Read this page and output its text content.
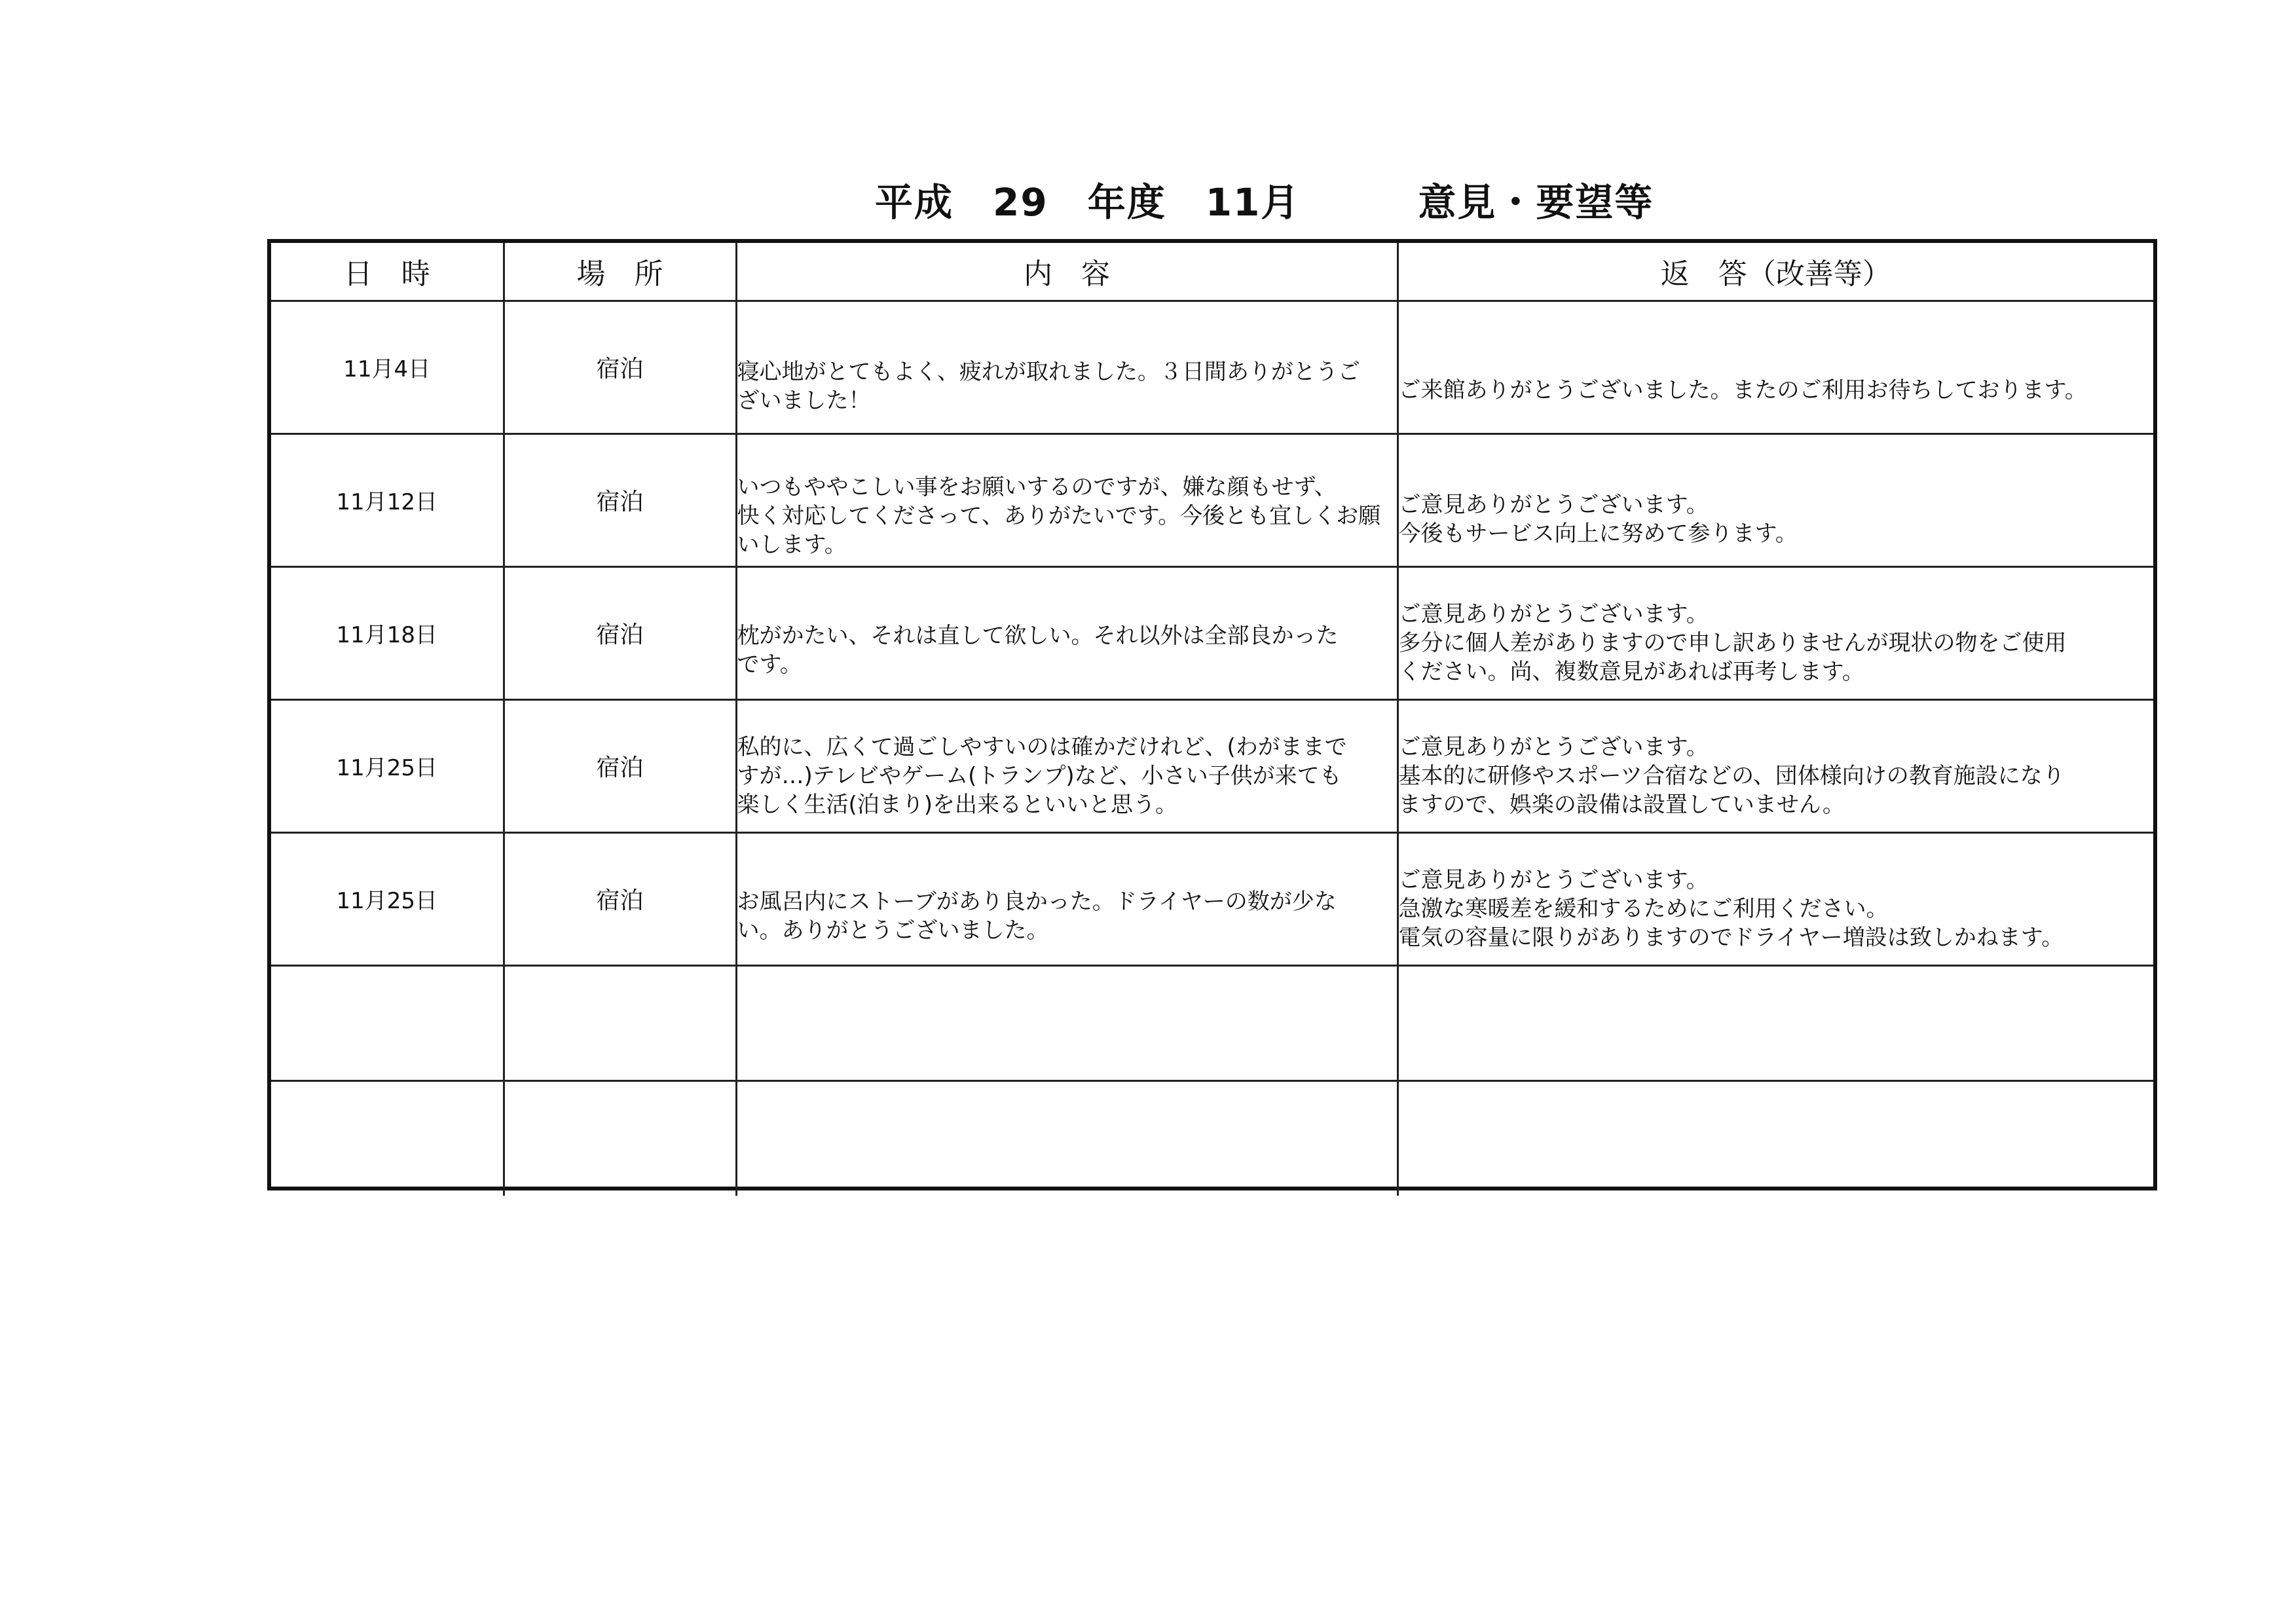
平成　29　年度　11月　　　意見・要望等
日　時	場　所	内　容	返　答（改善等）
11月4日	宿泊	寝心地がとてもよく、疲れが取れました。３日間ありがとうご
ざいました！	ご来館ありがとうございました。またのご利用お待ちしております。

11月12日	宿泊	いつもややこしい事をお願いするのですが、嫌な顔もせず、
快く対応してくださって、ありがたいです。今後とも宜しくお願
いします。	ご意見ありがとうございます。
今後もサービス向上に努めて参ります。

11月18日	宿泊	枕がかたい、それは直して欲しい。それ以外は全部良かった
です。	ご意見ありがとうございます。
多分に個人差がありますので申し訳ありませんが現状の物をご使用
ください。尚、複数意見があれば再考します。

11月25日	宿泊	私的に、広くて過ごしやすいのは確かだけれど、(わがままで
すが…)テレビやゲーム(トランプ)など、小さい子供が来ても
楽しく生活(泊まり)を出来るといいと思う。	ご意見ありがとうございます。
基本的に研修やスポーツ合宿などの、団体様向けの教育施設になり
ますので、娯楽の設備は設置していません。

11月25日	宿泊	お風呂内にストーブがあり良かった。ドライヤーの数が少な
い。ありがとうございました。	ご意見ありがとうございます。
急激な寒暖差を緩和するためにご利用ください。
電気の容量に限りがありますのでドライヤー増設は致しかねます。
